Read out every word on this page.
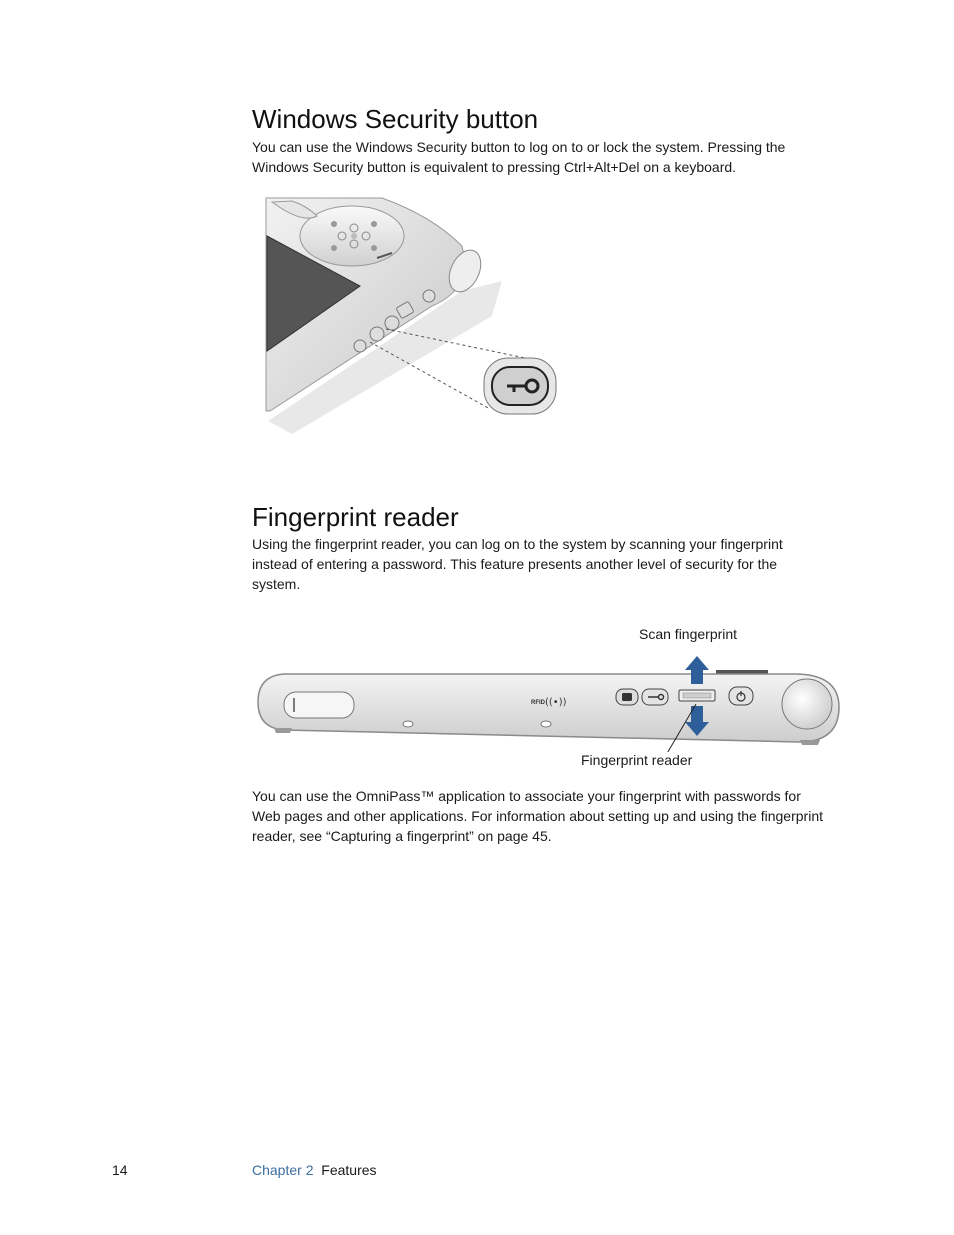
Windows Security button

You can use the Windows Security button to log on to or lock the system. Pressing the Windows Security button is equivalent to pressing Ctrl+Alt+Del on a keyboard.

Fingerprint reader

Using the fingerprint reader, you can log on to the system by scanning your fingerprint instead of entering a password. This feature presents another level of security for the system.

Scan fingerprint
RFID ((•))
Fingerprint reader

You can use the OmniPass™ application to associate your fingerprint with passwords for Web pages and other applications. For information about setting up and using the fingerprint reader, see “Capturing a fingerprint” on page 45.

14	Chapter 2 Features
